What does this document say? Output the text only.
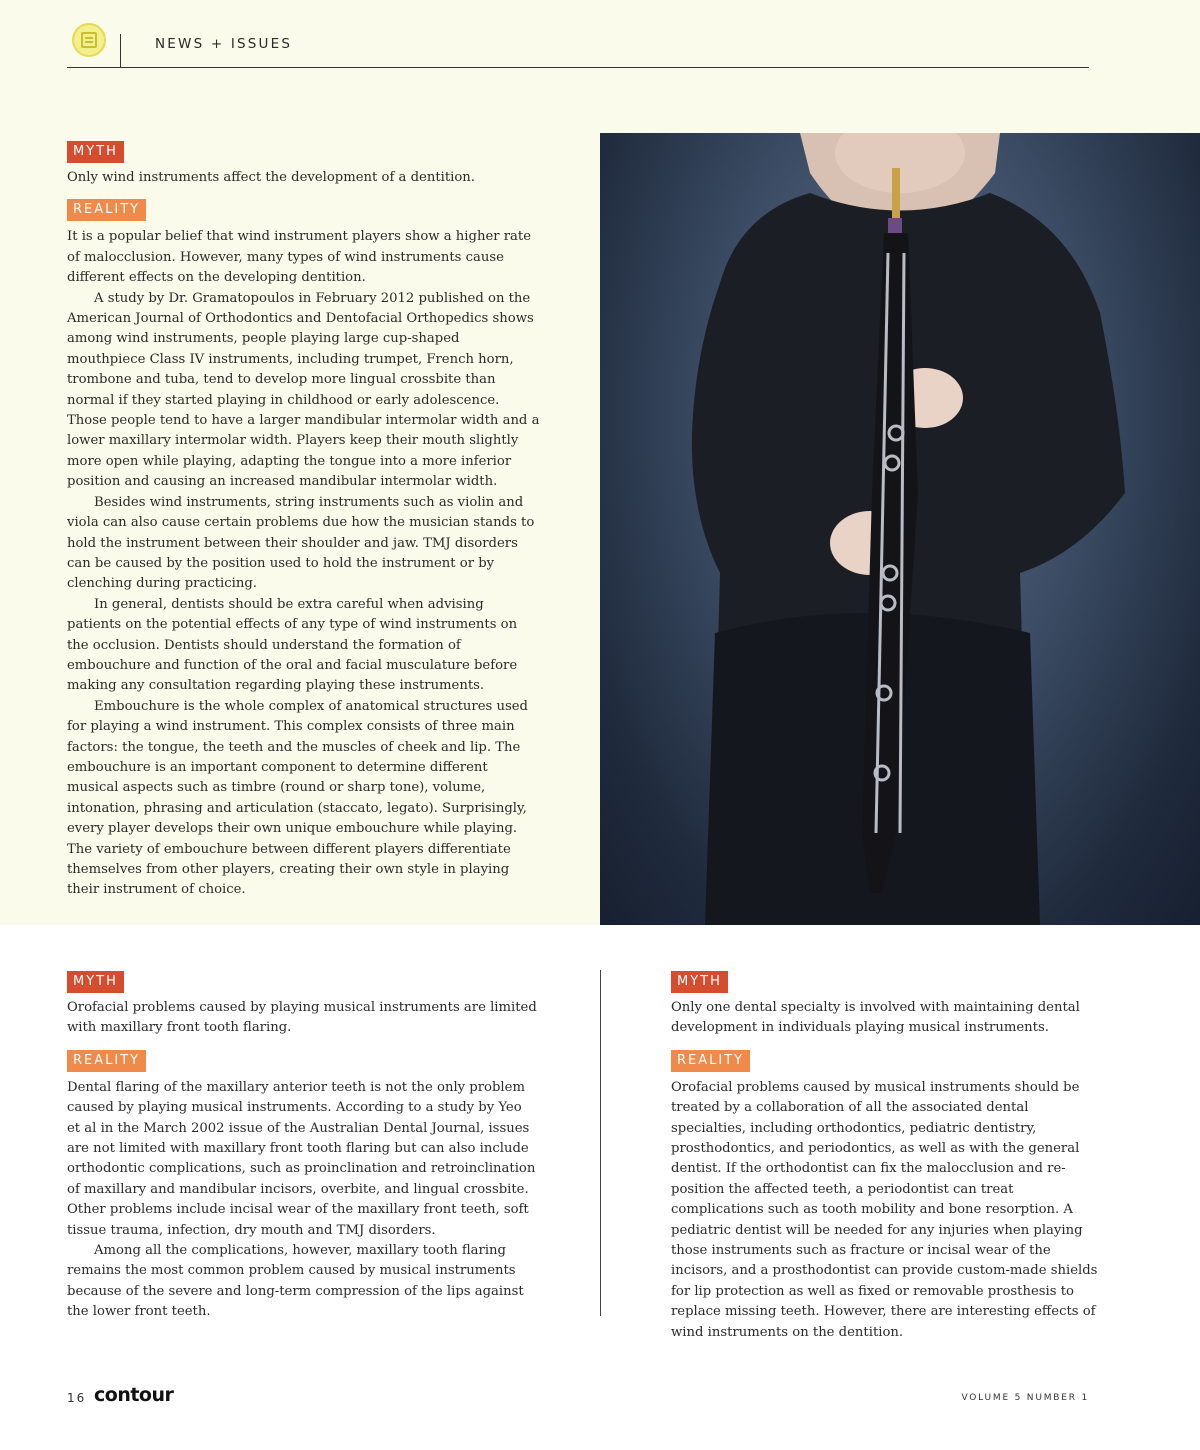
NEWS + ISSUES
MYTH
Only wind instruments affect the development of a dentition.
REALITY

It is a popular belief that wind instrument players show a higher rate of malocclusion. However, many types of wind instruments cause different effects on the developing dentition.

A study by Dr. Gramatopoulos in February 2012 published on the American Journal of Orthodontics and Dentofacial Orthopedics shows among wind instruments, people playing large cup-shaped mouthpiece Class IV instruments, including trumpet, French horn, trombone and tuba, tend to develop more lingual crossbite than normal if they started playing in childhood or early adolescence. Those people tend to have a larger mandibular intermolar width and a lower maxillary intermolar width. Players keep their mouth slightly more open while playing, adapting the tongue into a more inferior position and causing an increased mandibular intermolar width.

Besides wind instruments, string instruments such as violin and viola can also cause certain problems due how the musician stands to hold the instrument between their shoulder and jaw. TMJ disorders can be caused by the position used to hold the instrument or by clenching during practicing.

In general, dentists should be extra careful when advising patients on the potential effects of any type of wind instruments on the occlusion. Dentists should understand the formation of embouchure and function of the oral and facial musculature before making any consultation regarding playing these instruments.

Embouchure is the whole complex of anatomical structures used for playing a wind instrument. This complex consists of three main factors: the tongue, the teeth and the muscles of cheek and lip. The embouchure is an important component to determine different musical aspects such as timbre (round or sharp tone), volume, intonation, phrasing and articulation (staccato, legato). Surprisingly, every player develops their own unique embouchure while playing. The variety of embouchure between different players differentiate themselves from other players, creating their own style in playing their instrument of choice.

MYTH
Orofacial problems caused by playing musical instruments are limited with maxillary front tooth flaring.
REALITY

Dental flaring of the maxillary anterior teeth is not the only problem caused by playing musical instruments. According to a study by Yeo et al in the March 2002 issue of the Australian Dental Journal, issues are not limited with maxillary front tooth flaring but can also include orthodontic complications, such as proinclination and retroinclination of maxillary and mandibular incisors, overbite, and lingual crossbite. Other problems include incisal wear of the maxillary front teeth, soft tissue trauma, infection, dry mouth and TMJ disorders.

Among all the complications, however, maxillary tooth flaring remains the most common problem caused by musical instruments because of the severe and long-term compression of the lips against the lower front teeth.

MYTH
Only one dental specialty is involved with maintaining dental development in individuals playing musical instruments.
REALITY

Orofacial problems caused by musical instruments should be treated by a collaboration of all the associated dental specialties, including orthodontics, pediatric dentistry, prosthodontics, and periodontics, as well as with the general dentist. If the orthodontist can fix the malocclusion and re-position the affected teeth, a periodontist can treat complications such as tooth mobility and bone resorption. A pediatric dentist will be needed for any injuries when playing those instruments such as fracture or incisal wear of the incisors, and a prosthodontist can provide custom-made shields for lip protection as well as fixed or removable prosthesis to replace missing teeth. However, there are interesting effects of wind instruments on the dentition.

16 contour	VOLUME 5 NUMBER 1
